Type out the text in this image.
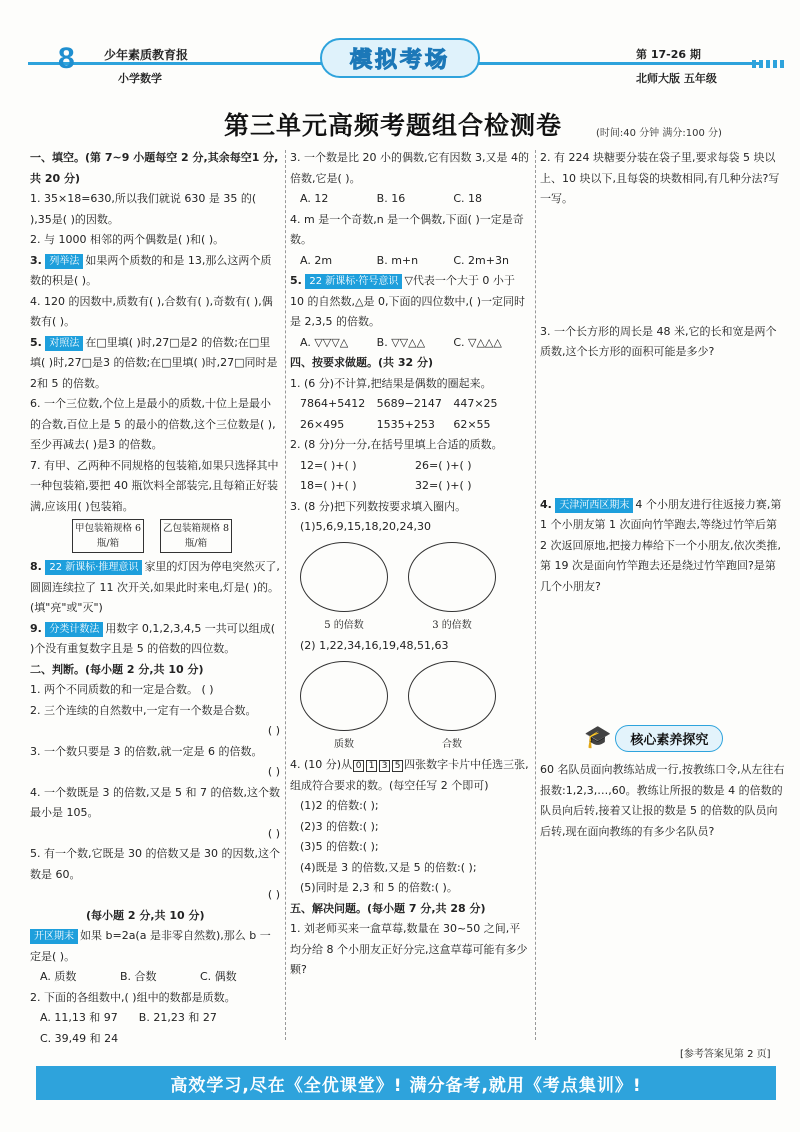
8 少年素质教育报
小学数学
模拟考场	第 17-26 期
北师大版 五年级
第三单元高频考题组合检测卷	(时间:40 分钟 满分:100 分)
一、填空。(第 7~9 小题每空 2 分,其余每空1 分,共 20 分)
1. 35×18=630,所以我们就说 630 是 35 的( ),35是( )的因数。
2. 与 1000 相邻的两个偶数是( )和( )。
3. 列举法 如果两个质数的和是 13,那么这两个质数的积是( )。
4. 120 的因数中,质数有( ),合数有( ),奇数有( ),偶数有( )。
5. 对照法 在□里填( )时,27□是2 的倍数;在□里填( )时,27□是3 的倍数;在□里填( )时,27□同时是 2和 5 的倍数。
6. 一个三位数,个位上是最小的质数,十位上是最小的合数,百位上是 5 的最小的倍数,这个三位数是( ),至少再减去( )是3 的倍数。
7. 有甲、乙两种不同规格的包装箱,如果只选择其中一种包装箱,要把 40 瓶饮料全部装完,且每箱正好装满,应该用( )包装箱。
甲包装箱规格 6 瓶/箱
乙包装箱规格 8 瓶/箱
8. 22 新课标·推理意识 家里的灯因为停电突然灭了,圆圆连续拉了 11 次开关,如果此时来电,灯是( )的。(填"亮"或"灭")
9. 分类计数法 用数字 0,1,2,3,4,5 一共可以组成( )个没有重复数字且是 5 的倍数的四位数。
二、判断。(每小题 2 分,共 10 分)
1. 两个不同质数的和一定是合数。 ( )
2. 三个连续的自然数中,一定有一个数是合数。
( )
3. 一个数只要是 3 的倍数,就一定是 6 的倍数。
( )
4. 一个数既是 3 的倍数,又是 5 和 7 的倍数,这个数最小是 105。
( )
5. 有一个数,它既是 30 的倍数又是 30 的因数,这个数是 60。
( )
(每小题 2 分,共 10 分)
开区期末 如果 b=2a(a 是非零自然数),那么 b 一定是( )。
A. 质数	B. 合数	C. 偶数
2. 下面的各组数中,( )组中的数都是质数。
A. 11,13 和 97 B. 21,23 和 27
C. 39,49 和 24
3. 一个数是比 20 小的偶数,它有因数 3,又是 4的倍数,它是( )。
A. 12	B. 16	C. 18
4. m 是一个奇数,n 是一个偶数,下面( )一定是奇数。
A. 2m	B. m+n	C. 2m+3n
5. 22 新课标·符号意识 ▽代表一个大于 0 小于 10 的自然数,△是 0,下面的四位数中,( )一定同时是 2,3,5 的倍数。
A. ▽▽▽△	B. ▽▽△△	C. ▽△△△
四、按要求做题。(共 32 分)
1. (6 分)不计算,把结果是偶数的圈起来。
7864+5412	5689−2147	447×25
26×495	1535+253	62×55
2. (8 分)分一分,在括号里填上合适的质数。
12=( )+( )	26=( )+( )
18=( )+( )	32=( )+( )
3. (8 分)把下列数按要求填入圈内。
(1)5,6,9,15,18,20,24,30
5 的倍数	3 的倍数
(2) 1,22,34,16,19,48,51,63
质数	合数
4. (10 分)从 0 1 3 5 四张数字卡片中任选三张,组成符合要求的数。(每空任写 2 个即可)
(1)2 的倍数:( );
(2)3 的倍数:( );
(3)5 的倍数:( );
(4)既是 3 的倍数,又是 5 的倍数:( );
(5)同时是 2,3 和 5 的倍数:( )。
五、解决问题。(每小题 7 分,共 28 分)
1. 刘老师买来一盒草莓,数量在 30~50 之间,平均分给 8 个小朋友正好分完,这盒草莓可能有多少颗?
2. 有 224 块糖要分装在袋子里,要求每袋 5 块以上、10 块以下,且每袋的块数相同,有几种分法?写一写。
3. 一个长方形的周长是 48 米,它的长和宽是两个质数,这个长方形的面积可能是多少?
4. 天津河西区期末 4 个小朋友进行往返接力赛,第 1 个小朋友第 1 次面向竹竿跑去,等绕过竹竿后第 2 次返回原地,把接力棒给下一个小朋友,依次类推,第 19 次是面向竹竿跑去还是绕过竹竿跑回?是第几个小朋友?
🎓	核心素养探究
60 名队员面向教练站成一行,按教练口令,从左往右报数:1,2,3,…,60。教练让所报的数是 4 的倍数的队员向后转,接着又让报的数是 5 的倍数的队员向后转,现在面向教练的有多少名队员?
[参考答案见第 2 页]
高效学习,尽在《全优课堂》! 满分备考,就用《考点集训》!
